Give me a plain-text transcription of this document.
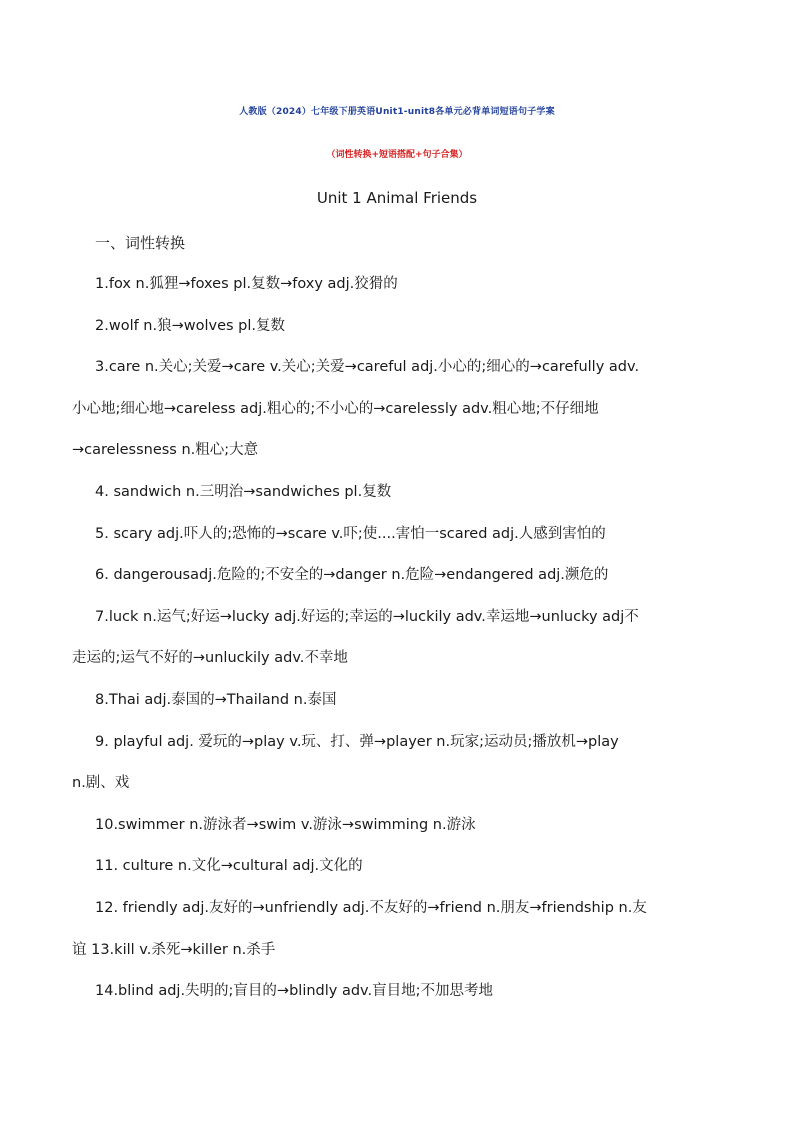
人教版（2024）七年级下册英语Unit1-unit8各单元必背单词短语句子学案
（词性转换+短语搭配+句子合集）
Unit 1 Animal Friends
一、词性转换
1.fox n.狐狸→foxes pl.复数→foxy adj.狡猾的
2.wolf n.狼→wolves pl.复数
3.care n.关心;关爱→care v.关心;关爱→careful adj.小心的;细心的→carefully adv.
小心地;细心地→careless adj.粗心的;不小心的→carelessly adv.粗心地;不仔细地
→carelessness n.粗心;大意
4. sandwich n.三明治→sandwiches pl.复数
5. scary adj.吓人的;恐怖的→scare v.吓;使....害怕一scared adj.人感到害怕的
6. dangerousadj.危险的;不安全的→danger n.危险→endangered adj.濒危的
7.luck n.运气;好运→lucky adj.好运的;幸运的→luckily adv.幸运地→unlucky adj不
走运的;运气不好的→unluckily adv.不幸地
8.Thai adj.泰国的→Thailand n.泰国
9. playful adj. 爱玩的→play v.玩、打、弹→player n.玩家;运动员;播放机→play
n.剧、戏
10.swimmer n.游泳者→swim v.游泳→swimming n.游泳
11. culture n.文化→cultural adj.文化的
12. friendly adj.友好的→unfriendly adj.不友好的→friend n.朋友→friendship n.友
谊 13.kill v.杀死→killer n.杀手
14.blind adj.失明的;盲目的→blindly adv.盲目地;不加思考地
